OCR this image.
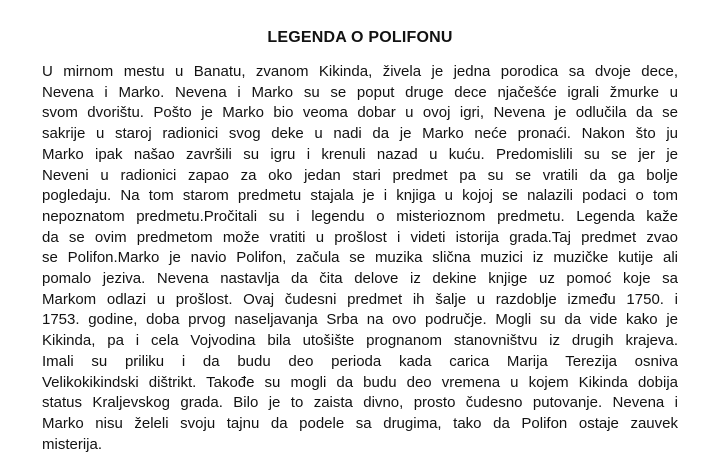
LEGENDA O POLIFONU
U mirnom mestu u Banatu, zvanom Kikinda, živela je jedna porodica sa dvoje dece,
Nevena i Marko. Nevena i Marko su se poput druge dece njačešće igrali žmurke u
svom dvorištu. Pošto je Marko bio veoma dobar u ovoj igri, Nevena je odlučila da se
sakrije u staroj radionici svog deke u nadi da je Marko neće pronaći. Nakon što ju
Marko ipak našao završili su igru i krenuli nazad u kuću. Predomislili su se jer je
Neveni u radionici zapao za oko jedan stari predmet pa su se vratili da ga bolje
pogledaju. Na tom starom predmetu stajala je i knjiga u kojoj se nalazili podaci o tom
nepoznatom predmetu.Pročitali su i legendu o misterioznom predmetu. Legenda kaže
da se ovim predmetom može vratiti u prošlost i videti istorija grada.Taj predmet zvao
se Polifon.Marko je navio Polifon, začula se muzika slična muzici iz muzičke kutije ali
pomalo jeziva. Nevena nastavlja da čita delove iz dekine knjige uz pomoć koje sa
Markom odlazi u prošlost. Ovaj čudesni predmet ih šalje u razdoblje između 1750. i
1753. godine, doba prvog naseljavanja Srba na ovo područje. Mogli su da vide kako je
Kikinda, pa i cela Vojvodina bila utošište prognanom stanovništvu iz drugih krajeva.
Imali su priliku i da budu deo perioda kada carica Marija Terezija osniva
Velikokikindski dištrikt. Takođe su mogli da budu deo vremena u kojem Kikinda dobija
status Kraljevskog grada. Bilo je to zaista divno, prosto čudesno putovanje. Nevena i
Marko nisu želeli svoju tajnu da podele sa drugima, tako da Polifon ostaje zauvek
misterija.
